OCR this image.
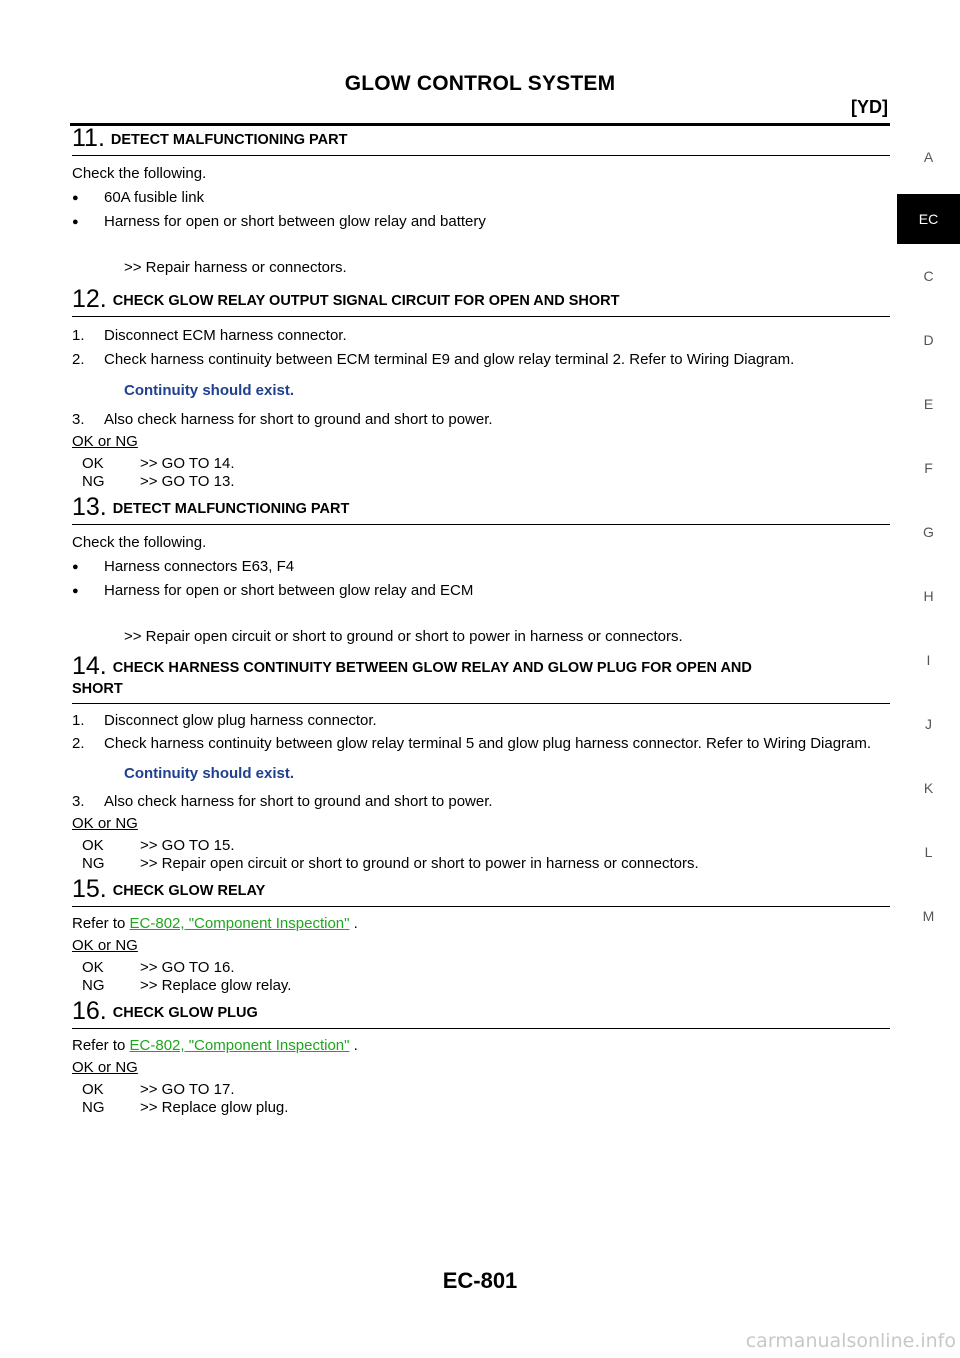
GLOW CONTROL SYSTEM
[YD]
A
EC
C
D
E
F
G
H
I
J
K
L
M
11. DETECT MALFUNCTIONING PART

Check the following.

● 60A fusible link

● Harness for open or short between glow relay and battery

>> Repair harness or connectors.

12. CHECK GLOW RELAY OUTPUT SIGNAL CIRCUIT FOR OPEN AND SHORT

1. Disconnect ECM harness connector.

2. Check harness continuity between ECM terminal E9 and glow relay terminal 2. Refer to Wiring Diagram.

Continuity should exist.

3. Also check harness for short to ground and short to power.

OK or NG

OK >> GO TO 14.
NG >> GO TO 13.
13. DETECT MALFUNCTIONING PART

Check the following.

● Harness connectors E63, F4

● Harness for open or short between glow relay and ECM

>> Repair open circuit or short to ground or short to power in harness or connectors.

14. CHECK HARNESS CONTINUITY BETWEEN GLOW RELAY AND GLOW PLUG FOR OPEN AND
SHORT

1. Disconnect glow plug harness connector.

2. Check harness continuity between glow relay terminal 5 and glow plug harness connector. Refer to Wiring Diagram.

Continuity should exist.

3. Also check harness for short to ground and short to power.

OK or NG

OK >> GO TO 15.
NG >> Repair open circuit or short to ground or short to power in harness or connectors.
15. CHECK GLOW RELAY

Refer to EC-802, "Component Inspection" .

OK or NG

OK >> GO TO 16.
NG >> Replace glow relay.
16. CHECK GLOW PLUG

Refer to EC-802, "Component Inspection" .

OK or NG

OK >> GO TO 17.
NG >> Replace glow plug.
EC-801
carmanualsonline.info
